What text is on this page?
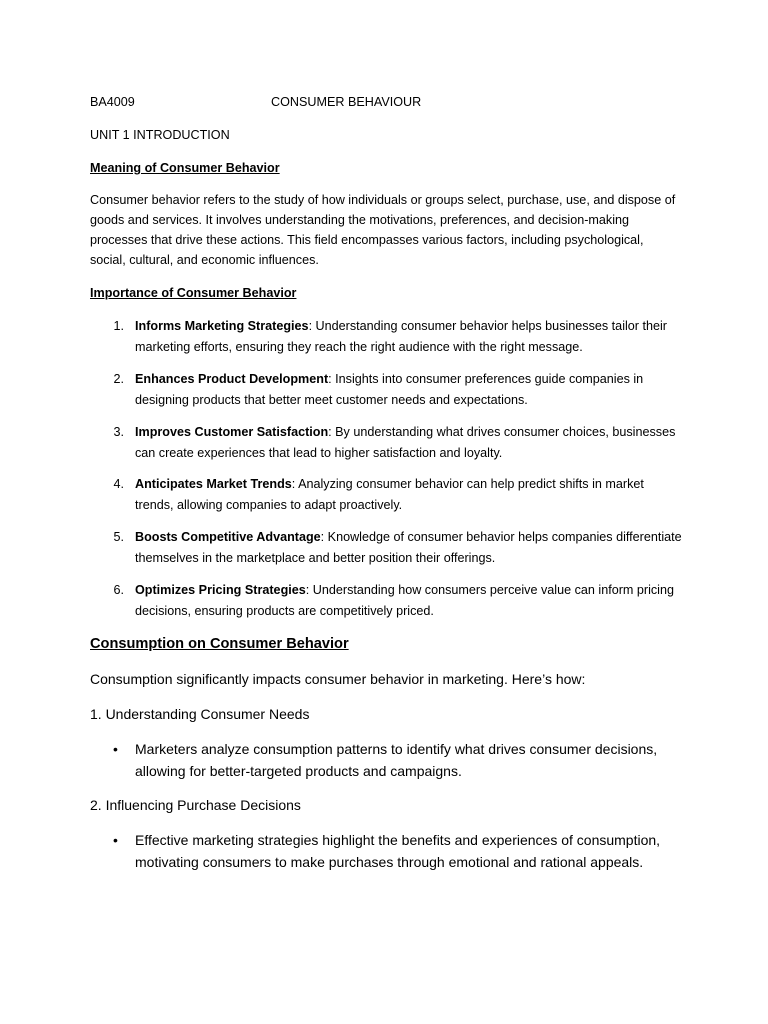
BA4009	CONSUMER BEHAVIOUR
UNIT 1 INTRODUCTION
Meaning of Consumer Behavior
Consumer behavior refers to the study of how individuals or groups select, purchase, use, and dispose of
goods and services. It involves understanding the motivations, preferences, and decision-making
processes that drive these actions. This field encompasses various factors, including psychological,
social, cultural, and economic influences.
Importance of Consumer Behavior
1. Informs Marketing Strategies: Understanding consumer behavior helps businesses tailor their
marketing efforts, ensuring they reach the right audience with the right message.
2. Enhances Product Development: Insights into consumer preferences guide companies in
designing products that better meet customer needs and expectations.
3. Improves Customer Satisfaction: By understanding what drives consumer choices, businesses
can create experiences that lead to higher satisfaction and loyalty.
4. Anticipates Market Trends: Analyzing consumer behavior can help predict shifts in market
trends, allowing companies to adapt proactively.
5. Boosts Competitive Advantage: Knowledge of consumer behavior helps companies differentiate
themselves in the marketplace and better position their offerings.
6. Optimizes Pricing Strategies: Understanding how consumers perceive value can inform pricing
decisions, ensuring products are competitively priced.
Consumption on Consumer Behavior
Consumption significantly impacts consumer behavior in marketing. Here’s how:
1. Understanding Consumer Needs
• Marketers analyze consumption patterns to identify what drives consumer decisions,
allowing for better-targeted products and campaigns.
2. Influencing Purchase Decisions
• Effective marketing strategies highlight the benefits and experiences of consumption,
motivating consumers to make purchases through emotional and rational appeals.
